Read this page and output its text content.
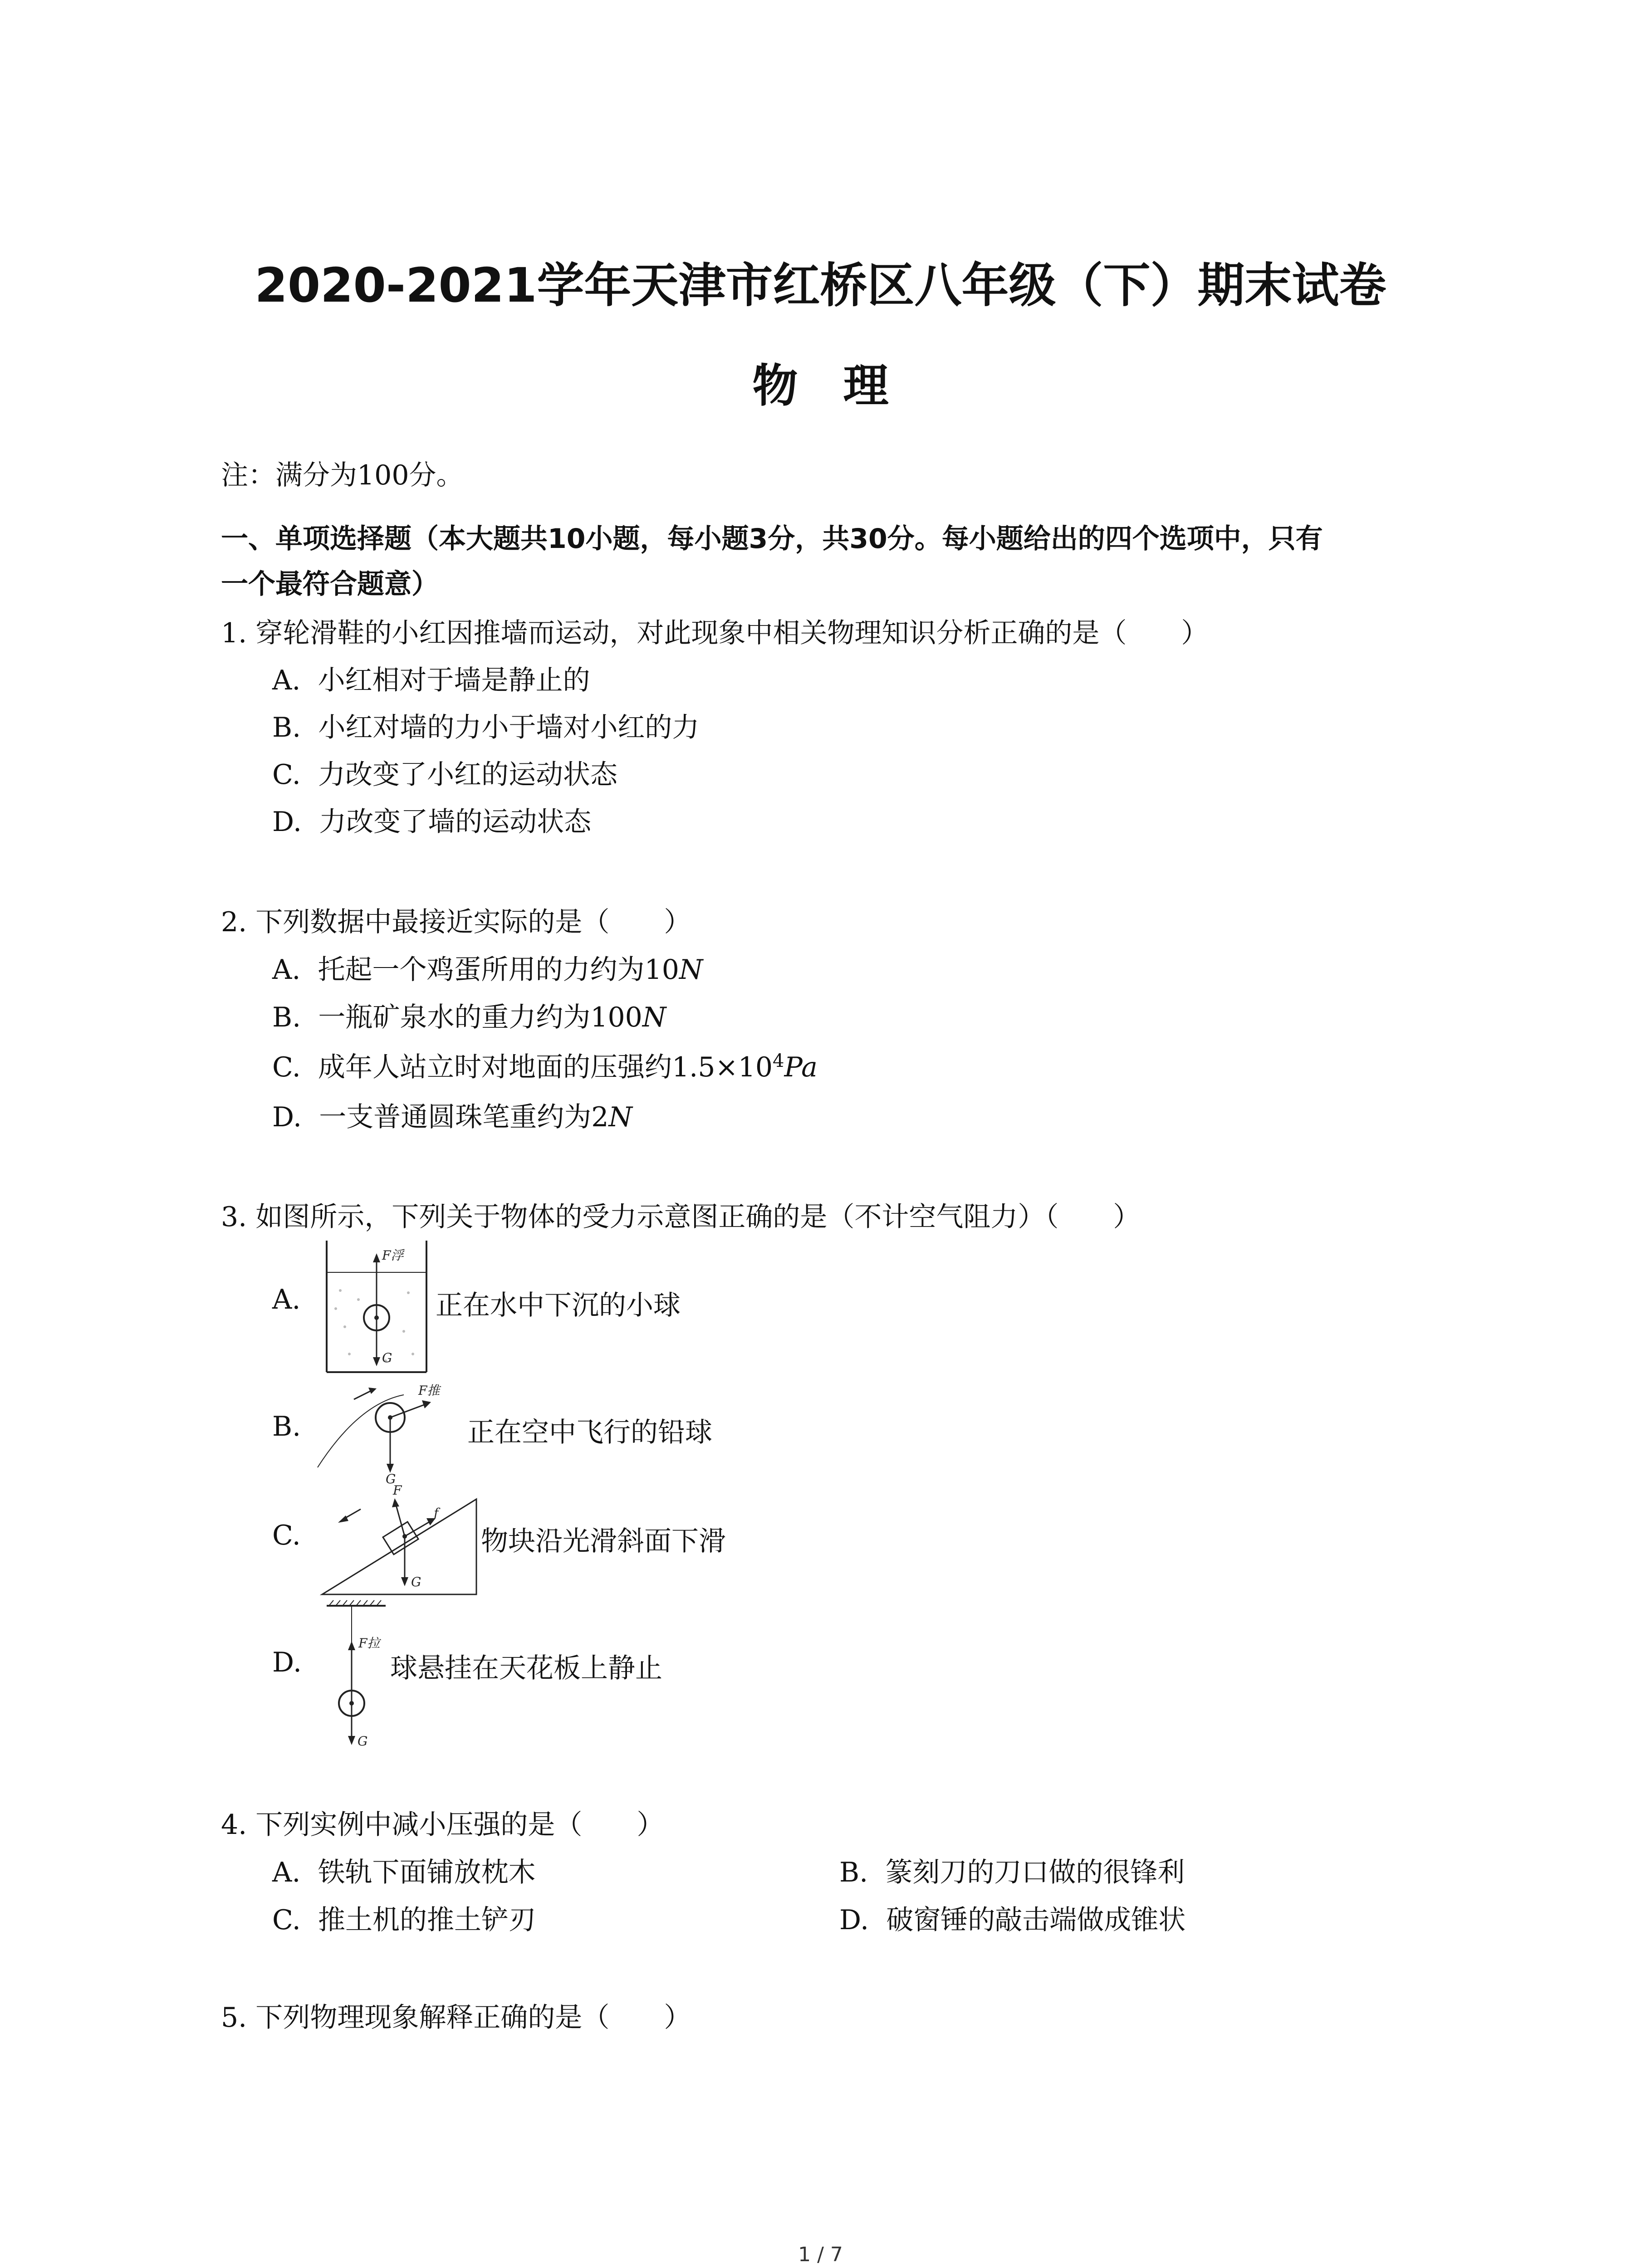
2020-2021学年天津市红桥区八年级（下）期末试卷
物　理
注：满分为100分。
一、单项选择题（本大题共10小题，每小题3分，共30分。每小题给出的四个选项中，只有
一个最符合题意）
1. 穿轮滑鞋的小红因推墙而运动，对此现象中相关物理知识分析正确的是（　　）
A. 小红相对于墙是静止的
B. 小红对墙的力小于墙对小红的力
C. 力改变了小红的运动状态
D. 力改变了墙的运动状态
2. 下列数据中最接近实际的是（　　）
A. 托起一个鸡蛋所用的力约为10N
B. 一瓶矿泉水的重力约为100N
C. 成年人站立时对地面的压强约$1.5\times 10^4Pa$
D. 一支普通圆珠笔重约为2N
3. 如图所示，下列关于物体的受力示意图正确的是（不计空气阻力）（　　）
A.
F浮
G
正在水中下沉的小球
B.
F推
G
正在空中飞行的铅球
C.
F
f
G
物块沿光滑斜面下滑
D.
F拉
G
球悬挂在天花板上静止
4. 下列实例中减小压强的是（　　）
A. 铁轨下面铺放枕木	B. 篆刻刀的刀口做的很锋利
C. 推土机的推土铲刃	D. 破窗锤的敲击端做成锥状
5. 下列物理现象解释正确的是（　　）
1 / 7
